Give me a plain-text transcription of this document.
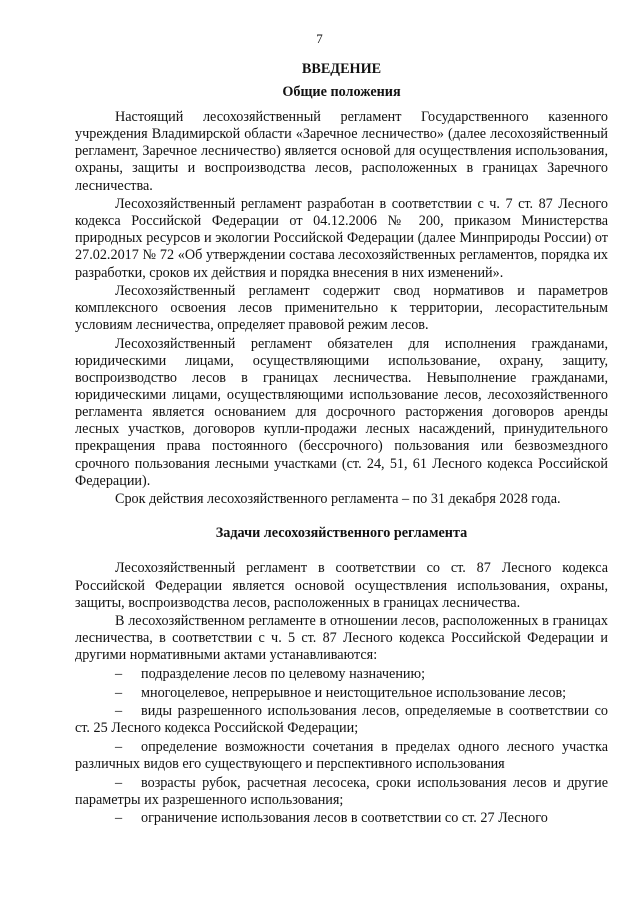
7
ВВЕДЕНИЕ
Общие положения

Настоящий лесохозяйственный регламент Государственного казенного учреждения Владимирской области «Заречное лесничество» (далее лесохозяйственный регламент, Заречное лесничество) является основой для осуществления использования, охраны, защиты и воспроизводства лесов, расположенных в границах Заречного лесничества.

Лесохозяйственный регламент разработан в соответствии с ч. 7 ст. 87 Лесного кодекса Российской Федерации от 04.12.2006 № 200, приказом Министерства природных ресурсов и экологии Российской Федерации (далее Минприроды России) от 27.02.2017 № 72 «Об утверждении состава лесохозяйственных регламентов, порядка их разработки, сроков их действия и порядка внесения в них изменений».

Лесохозяйственный регламент содержит свод нормативов и параметров комплексного освоения лесов применительно к территории, лесорастительным условиям лесничества, определяет правовой режим лесов.

Лесохозяйственный регламент обязателен для исполнения гражданами, юридическими лицами, осуществляющими использование, охрану, защиту, воспроизводство лесов в границах лесничества. Невыполнение гражданами, юридическими лицами, осуществляющими использование лесов, лесохозяйственного регламента является основанием для досрочного расторжения договоров аренды лесных участков, договоров купли-продажи лесных насаждений, принудительного прекращения права постоянного (бессрочного) пользования или безвозмездного срочного пользования лесными участками (ст. 24, 51, 61 Лесного кодекса Российской Федерации).

Срок действия лесохозяйственного регламента – по 31 декабря 2028 года.

Задачи лесохозяйственного регламента

Лесохозяйственный регламент в соответствии со ст. 87 Лесного кодекса Российской Федерации является основой осуществления использования, охраны, защиты, воспроизводства лесов, расположенных в границах лесничества.

В лесохозяйственном регламенте в отношении лесов, расположенных в границах лесничества, в соответствии с ч. 5 ст. 87 Лесного кодекса Российской Федерации и другими нормативными актами устанавливаются:

– подразделение лесов по целевому назначению;
– многоцелевое, непрерывное и неистощительное использование лесов;
– виды разрешенного использования лесов, определяемые в соответствии со ст. 25 Лесного кодекса Российской Федерации;
– определение возможности сочетания в пределах одного лесного участка различных видов его существующего и перспективного использования
– возрасты рубок, расчетная лесосека, сроки использования лесов и другие параметры их разрешенного использования;
– ограничение использования лесов в соответствии со ст. 27 Лесного
